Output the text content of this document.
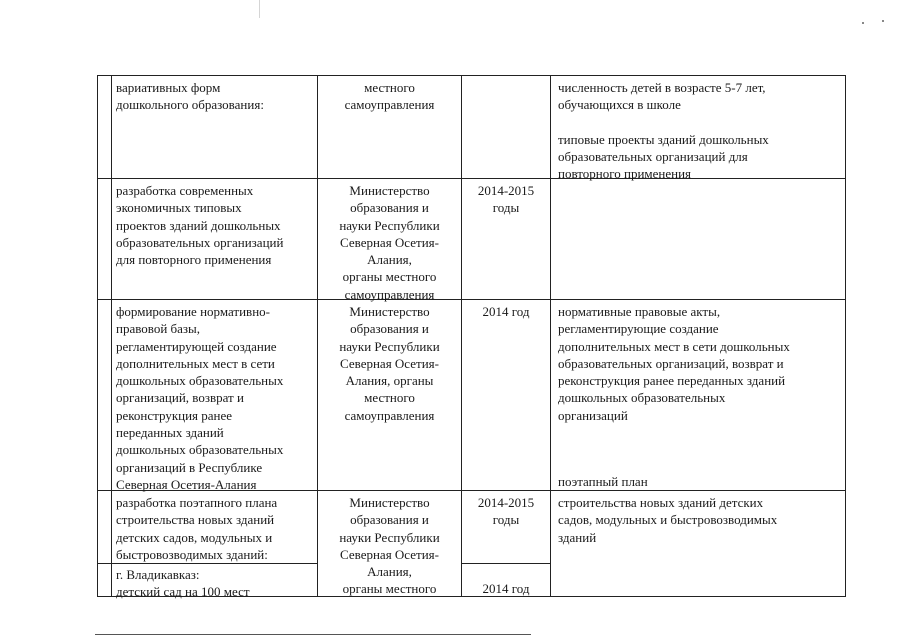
вариативных форм
дошкольного образования:
местного
самоуправления
численность детей в возрасте 5-7 лет,
обучающихся в школе

типовые проекты зданий дошкольных
образовательных организаций для
повторного применения
разработка современных
экономичных типовых
проектов зданий дошкольных
образовательных организаций
для повторного применения
Министерство
образования и
науки Республики
Северная Осетия-
Алания,
органы местного
самоуправления
2014-2015
годы
формирование нормативно-
правовой базы,
регламентирующей создание
дополнительных мест в сети
дошкольных образовательных
организаций, возврат и
реконструкция ранее
переданных зданий
дошкольных образовательных
организаций в Республике
Северная Осетия-Алания
Министерство
образования и
науки Республики
Северная Осетия-
Алания, органы
местного
самоуправления
2014 год	нормативные правовые акты,
регламентирующие создание
дополнительных мест в сети дошкольных
образовательных организаций, возврат и
реконструкция ранее переданных зданий
дошкольных образовательных
организаций
поэтапный план
разработка поэтапного плана
строительства новых зданий
детских садов, модульных и
быстровозводимых зданий:
Министерство
образования и
науки Республики
Северная Осетия-
Алания,
органы местного
2014-2015
годы
строительства новых зданий детских
садов, модульных и быстровозводимых
зданий
г. Владикавказ:
детский сад на 100 мест	2014 год
